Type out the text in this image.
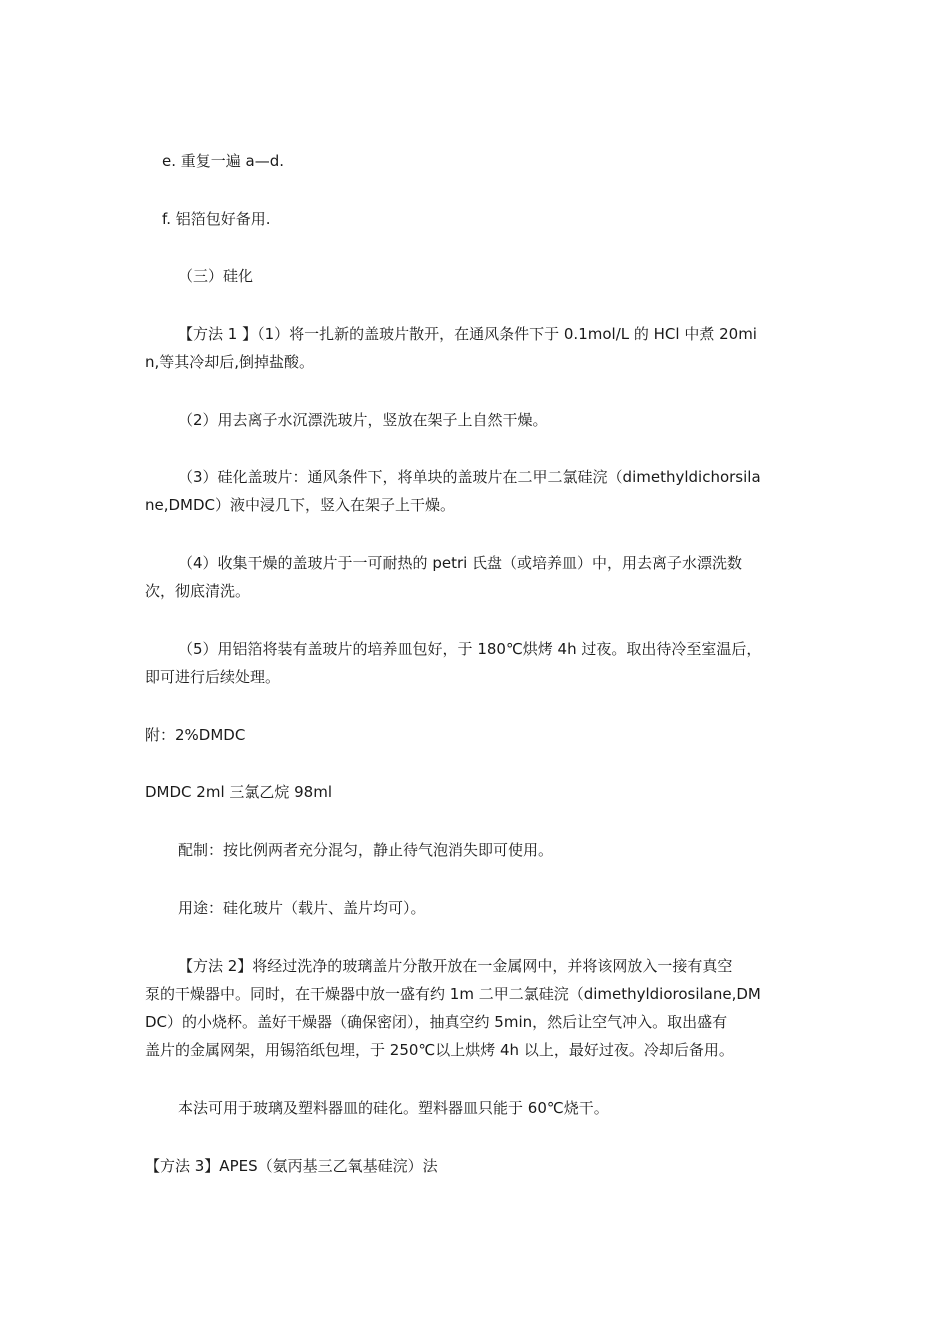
e. 重复一遍 a—d.
f. 铝箔包好备用.
（三）硅化
【方法 1 】（1）将一扎新的盖玻片散开，在通风条件下于 0.1mol/L 的 HCl 中煮 20mi
n,等其冷却后,倒掉盐酸。
（2）用去离子水沉漂洗玻片，竖放在架子上自然干燥。
（3）硅化盖玻片：通风条件下，将单块的盖玻片在二甲二氯硅浣（dimethyldichorsila
ne,DMDC）液中浸几下，竖入在架子上干燥。
（4）收集干燥的盖玻片于一可耐热的 petri 氏盘（或培养皿）中，用去离子水漂洗数
次，彻底清洗。
（5）用铝箔将装有盖玻片的培养皿包好，于 180℃烘烤 4h 过夜。取出待冷至室温后，
即可进行后续处理。
附：2%DMDC
DMDC 2ml 三氯乙烷 98ml
配制：按比例两者充分混匀，静止待气泡消失即可使用。
用途：硅化玻片（载片、盖片均可）。
【方法 2】将经过洗净的玻璃盖片分散开放在一金属网中，并将该网放入一接有真空
泵的干燥器中。同时，在干燥器中放一盛有约 1m 二甲二氯硅浣（dimethyldiorosilane,DM
DC）的小烧杯。盖好干燥器（确保密闭），抽真空约 5min，然后让空气冲入。取出盛有
盖片的金属网架，用锡箔纸包埋，于 250℃以上烘烤 4h 以上，最好过夜。冷却后备用。
本法可用于玻璃及塑料器皿的硅化。塑料器皿只能于 60℃烧干。
【方法 3】APES（氨丙基三乙氧基硅浣）法
